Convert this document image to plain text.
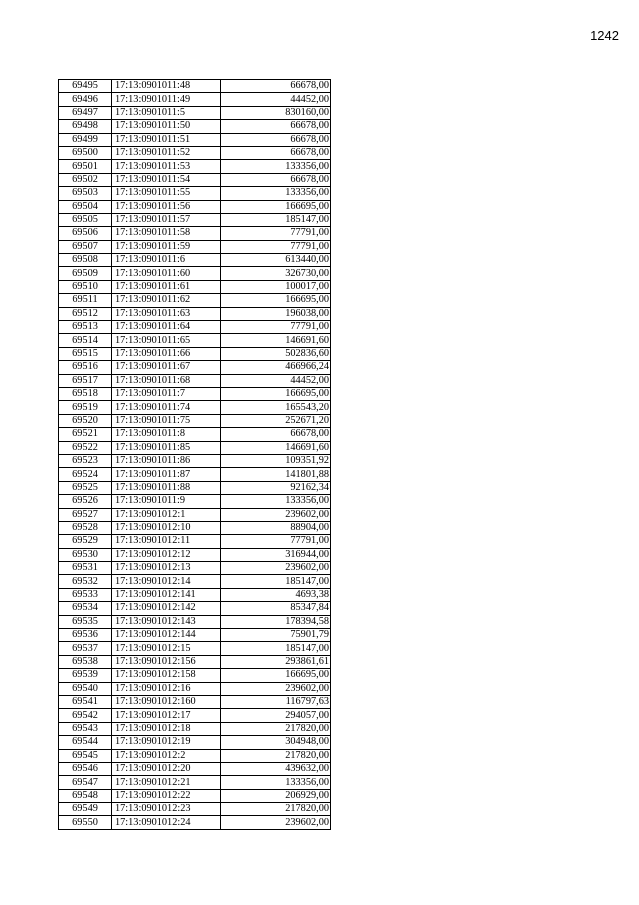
1242
69495	17:13:0901011:48	66678,00
69496	17:13:0901011:49	44452,00
69497	17:13:0901011:5	830160,00
69498	17:13:0901011:50	66678,00
69499	17:13:0901011:51	66678,00
69500	17:13:0901011:52	66678,00
69501	17:13:0901011:53	133356,00
69502	17:13:0901011:54	66678,00
69503	17:13:0901011:55	133356,00
69504	17:13:0901011:56	166695,00
69505	17:13:0901011:57	185147,00
69506	17:13:0901011:58	77791,00
69507	17:13:0901011:59	77791,00
69508	17:13:0901011:6	613440,00
69509	17:13:0901011:60	326730,00
69510	17:13:0901011:61	100017,00
69511	17:13:0901011:62	166695,00
69512	17:13:0901011:63	196038,00
69513	17:13:0901011:64	77791,00
69514	17:13:0901011:65	146691,60
69515	17:13:0901011:66	502836,60
69516	17:13:0901011:67	466966,24
69517	17:13:0901011:68	44452,00
69518	17:13:0901011:7	166695,00
69519	17:13:0901011:74	165543,20
69520	17:13:0901011:75	252671,20
69521	17:13:0901011:8	66678,00
69522	17:13:0901011:85	146691,60
69523	17:13:0901011:86	109351,92
69524	17:13:0901011:87	141801,88
69525	17:13:0901011:88	92162,34
69526	17:13:0901011:9	133356,00
69527	17:13:0901012:1	239602,00
69528	17:13:0901012:10	88904,00
69529	17:13:0901012:11	77791,00
69530	17:13:0901012:12	316944,00
69531	17:13:0901012:13	239602,00
69532	17:13:0901012:14	185147,00
69533	17:13:0901012:141	4693,38
69534	17:13:0901012:142	85347,84
69535	17:13:0901012:143	178394,58
69536	17:13:0901012:144	75901,79
69537	17:13:0901012:15	185147,00
69538	17:13:0901012:156	293861,61
69539	17:13:0901012:158	166695,00
69540	17:13:0901012:16	239602,00
69541	17:13:0901012:160	116797,63
69542	17:13:0901012:17	294057,00
69543	17:13:0901012:18	217820,00
69544	17:13:0901012:19	304948,00
69545	17:13:0901012:2	217820,00
69546	17:13:0901012:20	439632,00
69547	17:13:0901012:21	133356,00
69548	17:13:0901012:22	206929,00
69549	17:13:0901012:23	217820,00
69550	17:13:0901012:24	239602,00
